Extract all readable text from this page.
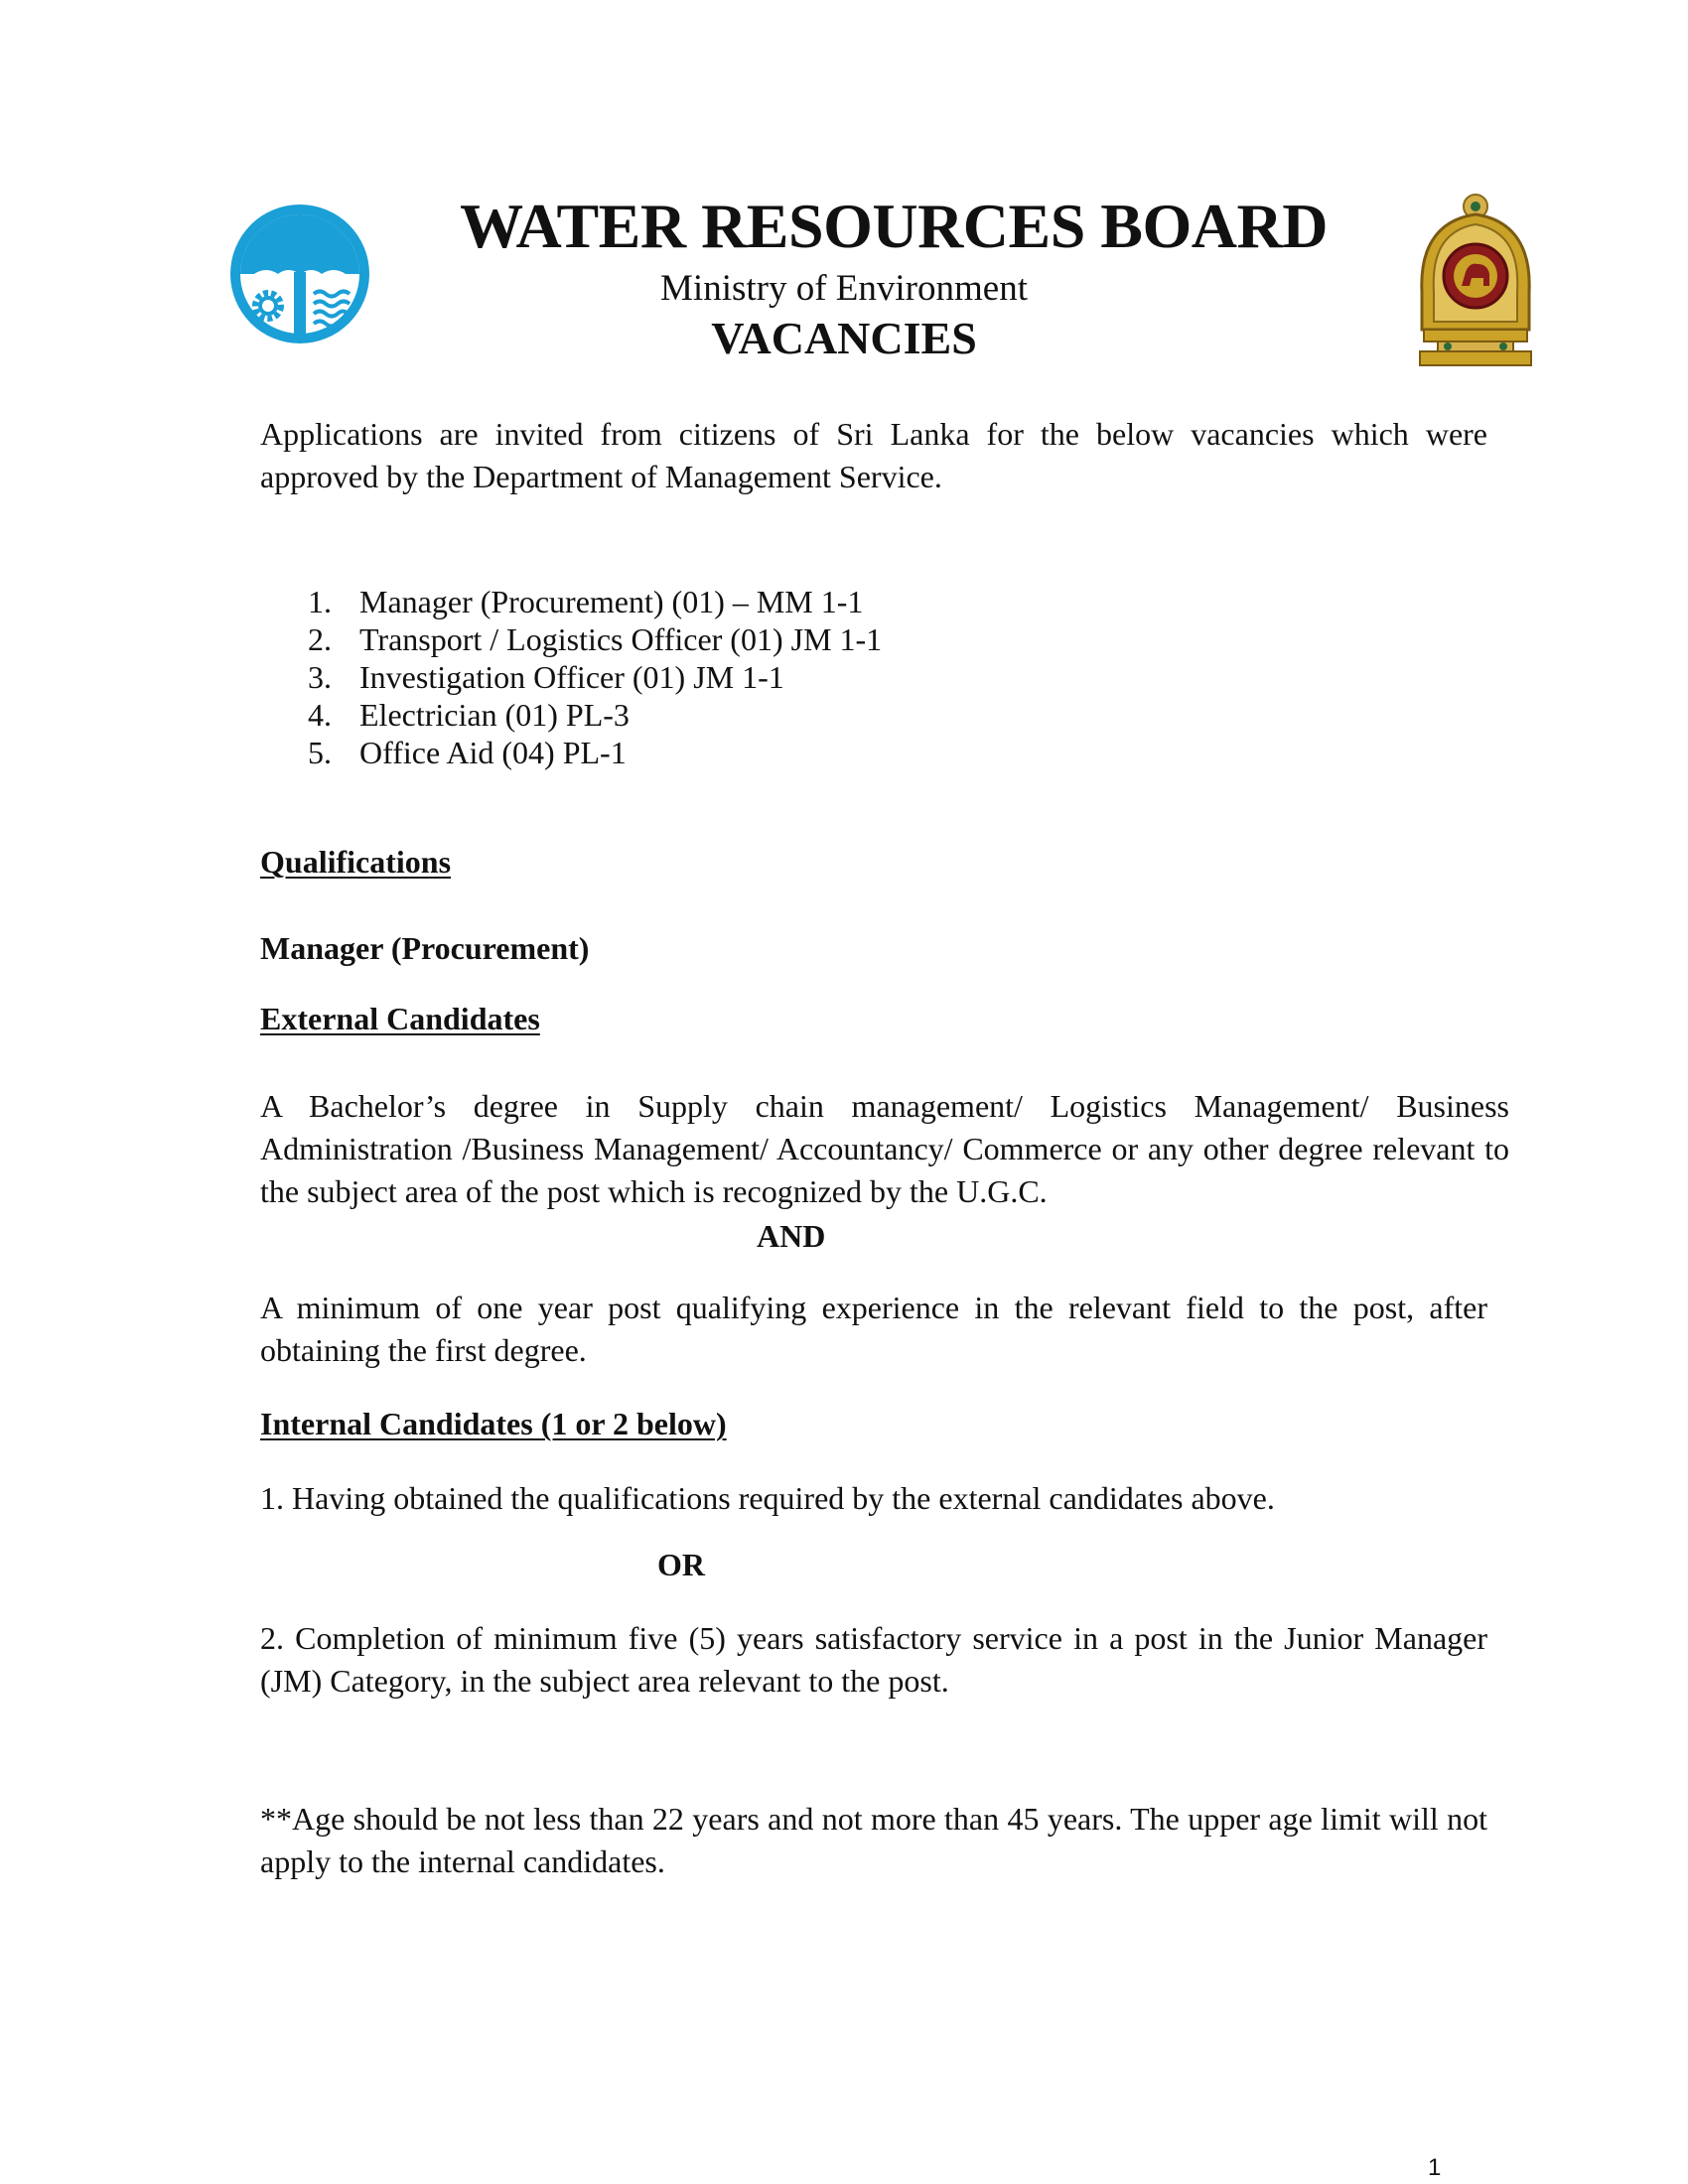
WATER RESOURCES BOARD
Ministry of Environment
VACANCIES
Applications are invited from citizens of Sri Lanka for the below vacancies which were approved by the Department of Management Service.
1. Manager (Procurement) (01) – MM 1-1
2. Transport / Logistics Officer (01) JM 1-1
3. Investigation Officer (01) JM 1-1
4. Electrician (01) PL-3
5. Office Aid (04) PL-1
Qualifications
Manager (Procurement)
External Candidates
A Bachelor’s degree in Supply chain management/ Logistics Management/ Business Administration /Business Management/ Accountancy/ Commerce or any other degree relevant to the subject area of the post which is recognized by the U.G.C.
AND
A minimum of one year post qualifying experience in the relevant field to the post, after obtaining the first degree.
Internal Candidates (1 or 2 below)
1. Having obtained the qualifications required by the external candidates above.
OR
2. Completion of minimum five (5) years satisfactory service in a post in the Junior Manager (JM) Category, in the subject area relevant to the post.
**Age should be not less than 22 years and not more than 45 years. The upper age limit will not apply to the internal candidates.
1
